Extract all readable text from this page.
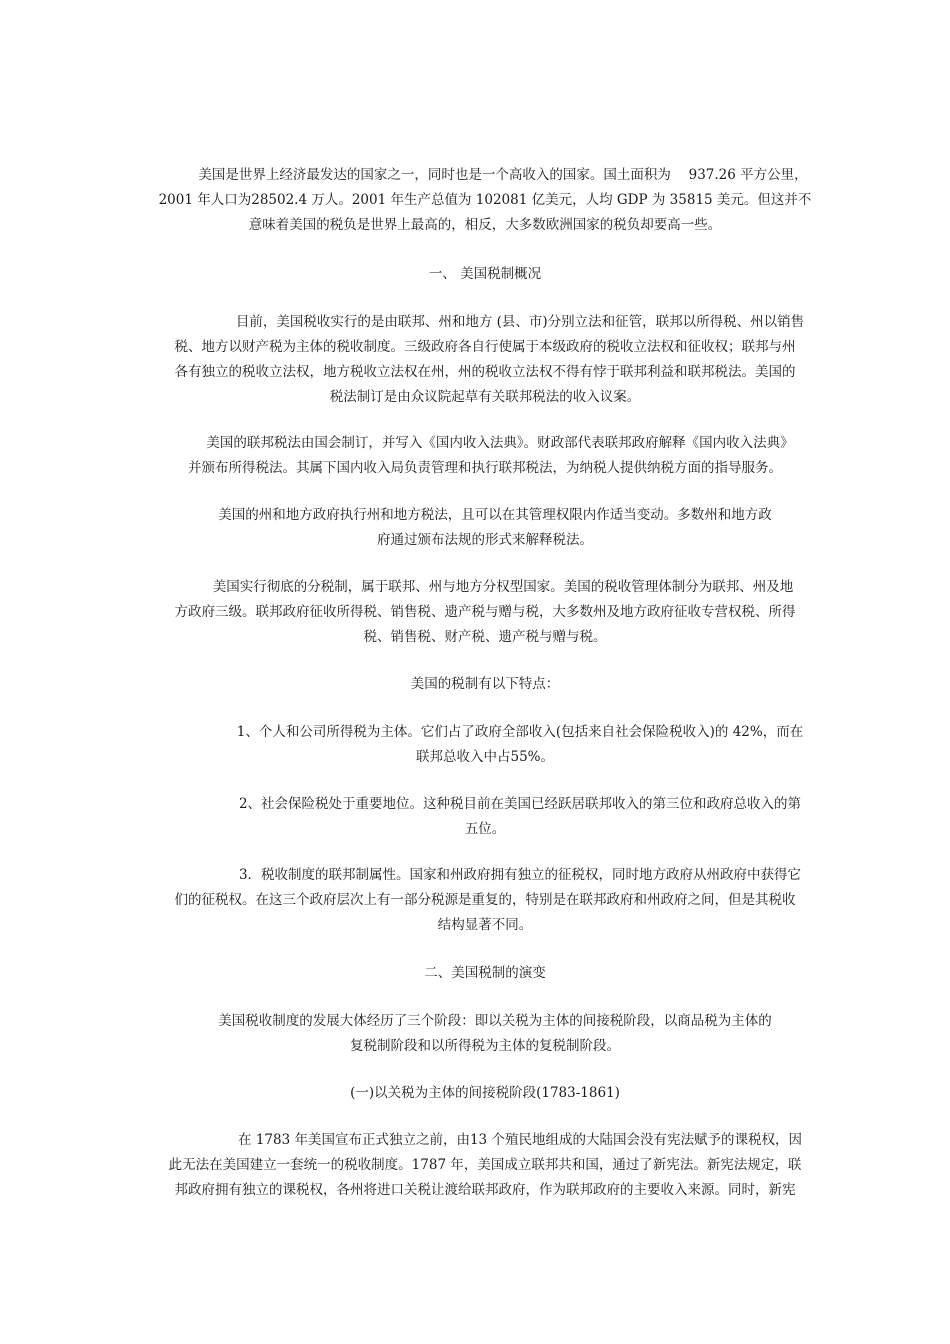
美国是世界上经济最发达的国家之一，同时也是一个高收入的国家。国土面积为　 937.26 平方公里，
2001 年人口为28502.4 万人。2001 年生产总值为 102081 亿美元，人均 GDP 为 35815 美元。但这并不
意味着美国的税负是世界上最高的，相反，大多数欧洲国家的税负却要高一些。
一、 美国税制概况
目前，美国税收实行的是由联邦、州和地方 (县、市)分别立法和征管，联邦以所得税、州以销售
税、地方以财产税为主体的税收制度。三级政府各自行使属于本级政府的税收立法权和征收权；联邦与州
各有独立的税收立法权，地方税收立法权在州，州的税收立法权不得有悖于联邦利益和联邦税法。美国的
税法制订是由众议院起草有关联邦税法的收入议案。
美国的联邦税法由国会制订，并写入《国内收入法典》。财政部代表联邦政府解释《国内收入法典》
并颁布所得税法。其属下国内收入局负责管理和执行联邦税法，为纳税人提供纳税方面的指导服务。
美国的州和地方政府执行州和地方税法，且可以在其管理权限内作适当变动。多数州和地方政
府通过颁布法规的形式来解释税法。
美国实行彻底的分税制，属于联邦、州与地方分权型国家。美国的税收管理体制分为联邦、州及地
方政府三级。联邦政府征收所得税、销售税、遗产税与赠与税，大多数州及地方政府征收专营权税、所得
税、销售税、财产税、遗产税与赠与税。
美国的税制有以下特点：
1、个人和公司所得税为主体。它们占了政府全部收入(包括来自社会保险税收入)的 42%，而在
联邦总收入中占55%。
2、社会保险税处于重要地位。这种税目前在美国已经跃居联邦收入的第三位和政府总收入的第
五位。
3．税收制度的联邦制属性。国家和州政府拥有独立的征税权，同时地方政府从州政府中获得它
们的征税权。在这三个政府层次上有一部分税源是重复的，特别是在联邦政府和州政府之间，但是其税收
结构显著不同。
二、美国税制的演变
美国税收制度的发展大体经历了三个阶段：即以关税为主体的间接税阶段，以商品税为主体的
复税制阶段和以所得税为主体的复税制阶段。
(一)以关税为主体的间接税阶段(1783-1861)
在 1783 年美国宣布正式独立之前，由13 个殖民地组成的大陆国会没有宪法赋予的课税权，因
此无法在美国建立一套统一的税收制度。1787 年，美国成立联邦共和国，通过了新宪法。新宪法规定，联
邦政府拥有独立的课税权，各州将进口关税让渡给联邦政府，作为联邦政府的主要收入来源。同时，新宪
